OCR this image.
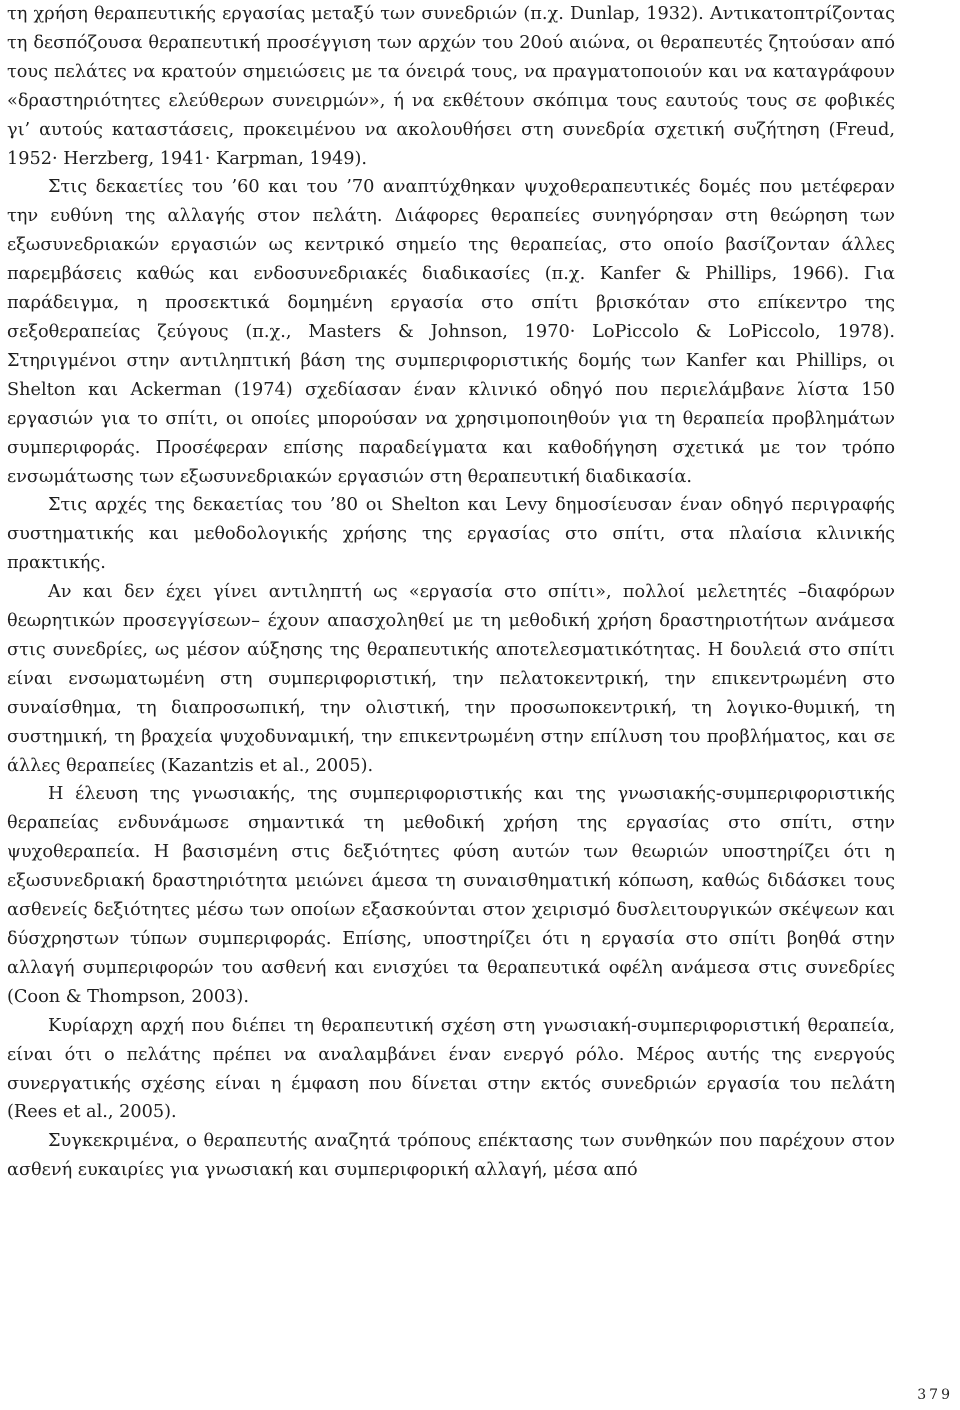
τη χρήση θεραπευτικής εργασίας μεταξύ των συνεδριών (π.χ. Dunlap, 1932). Αντικατοπτρίζοντας τη δεσπόζουσα θεραπευτική προσέγγιση των αρχών του 20ού αιώνα, οι θεραπευτές ζητούσαν από τους πελάτες να κρατούν σημειώσεις με τα όνειρά τους, να πραγματοποιούν και να καταγράφουν «δραστηριότητες ελεύθερων συνειρμών», ή να εκθέτουν σκόπιμα τους εαυτούς τους σε φοβικές γι’ αυτούς καταστάσεις, προκειμένου να ακολουθήσει στη συνεδρία σχετική συζήτηση (Freud, 1952· Herzberg, 1941· Karpman, 1949).

Στις δεκαετίες του ’60 και του ’70 αναπτύχθηκαν ψυχοθεραπευτικές δομές που μετέφεραν την ευθύνη της αλλαγής στον πελάτη. Διάφορες θεραπείες συνηγόρησαν στη θεώρηση των εξωσυνεδριακών εργασιών ως κεντρικό σημείο της θεραπείας, στο οποίο βασίζονταν άλλες παρεμβάσεις καθώς και ενδοσυνεδριακές διαδικασίες (π.χ. Kanfer & Phillips, 1966). Για παράδειγμα, η προσεκτικά δομημένη εργασία στο σπίτι βρισκόταν στο επίκεντρο της σεξοθεραπείας ζεύγους (π.χ., Masters & Johnson, 1970· LoPiccolo & LoPiccolo, 1978). Στηριγμένοι στην αντιληπτική βάση της συμπεριφοριστικής δομής των Kanfer και Phillips, οι Shelton και Ackerman (1974) σχεδίασαν έναν κλινικό οδηγό που περιελάμβανε λίστα 150 εργασιών για το σπίτι, οι οποίες μπορούσαν να χρησιμοποιηθούν για τη θεραπεία προβλημάτων συμπεριφοράς. Προσέφεραν επίσης παραδείγματα και καθοδήγηση σχετικά με τον τρόπο ενσωμάτωσης των εξωσυνεδριακών εργασιών στη θεραπευτική διαδικασία.

Στις αρχές της δεκαετίας του ’80 οι Shelton και Levy δημοσίευσαν έναν οδηγό περιγραφής συστηματικής και μεθοδολογικής χρήσης της εργασίας στο σπίτι, στα πλαίσια κλινικής πρακτικής.

Αν και δεν έχει γίνει αντιληπτή ως «εργασία στο σπίτι», πολλοί μελετητές –διαφόρων θεωρητικών προσεγγίσεων– έχουν απασχοληθεί με τη μεθοδική χρήση δραστηριοτήτων ανάμεσα στις συνεδρίες, ως μέσον αύξησης της θεραπευτικής αποτελεσματικότητας. Η δουλειά στο σπίτι είναι ενσωματωμένη στη συμπεριφοριστική, την πελατοκεντρική, την επικεντρωμένη στο συναίσθημα, τη διαπροσωπική, την ολιστική, την προσωποκεντρική, τη λογικο-θυμική, τη συστημική, τη βραχεία ψυχοδυναμική, την επικεντρωμένη στην επίλυση του προβλήματος, και σε άλλες θεραπείες (Kazantzis et al., 2005).

Η έλευση της γνωσιακής, της συμπεριφοριστικής και της γνωσιακής-συμπεριφοριστικής θεραπείας ενδυνάμωσε σημαντικά τη μεθοδική χρήση της εργασίας στο σπίτι, στην ψυχοθεραπεία. Η βασισμένη στις δεξιότητες φύση αυτών των θεωριών υποστηρίζει ότι η εξωσυνεδριακή δραστηριότητα μειώνει άμεσα τη συναισθηματική κόπωση, καθώς διδάσκει τους ασθενείς δεξιότητες μέσω των οποίων εξασκούνται στον χειρισμό δυσλειτουργικών σκέψεων και δύσχρηστων τύπων συμπεριφοράς. Επίσης, υποστηρίζει ότι η εργασία στο σπίτι βοηθά στην αλλαγή συμπεριφορών του ασθενή και ενισχύει τα θεραπευτικά οφέλη ανάμεσα στις συνεδρίες (Coon & Thompson, 2003).

Κυρίαρχη αρχή που διέπει τη θεραπευτική σχέση στη γνωσιακή-συμπεριφοριστική θεραπεία, είναι ότι ο πελάτης πρέπει να αναλαμβάνει έναν ενεργό ρόλο. Μέρος αυτής της ενεργούς συνεργατικής σχέσης είναι η έμφαση που δίνεται στην εκτός συνεδριών εργασία του πελάτη (Rees et al., 2005).

Συγκεκριμένα, ο θεραπευτής αναζητά τρόπους επέκτασης των συνθηκών που παρέχουν στον ασθενή ευκαιρίες για γνωσιακή και συμπεριφορική αλλαγή, μέσα από

379
